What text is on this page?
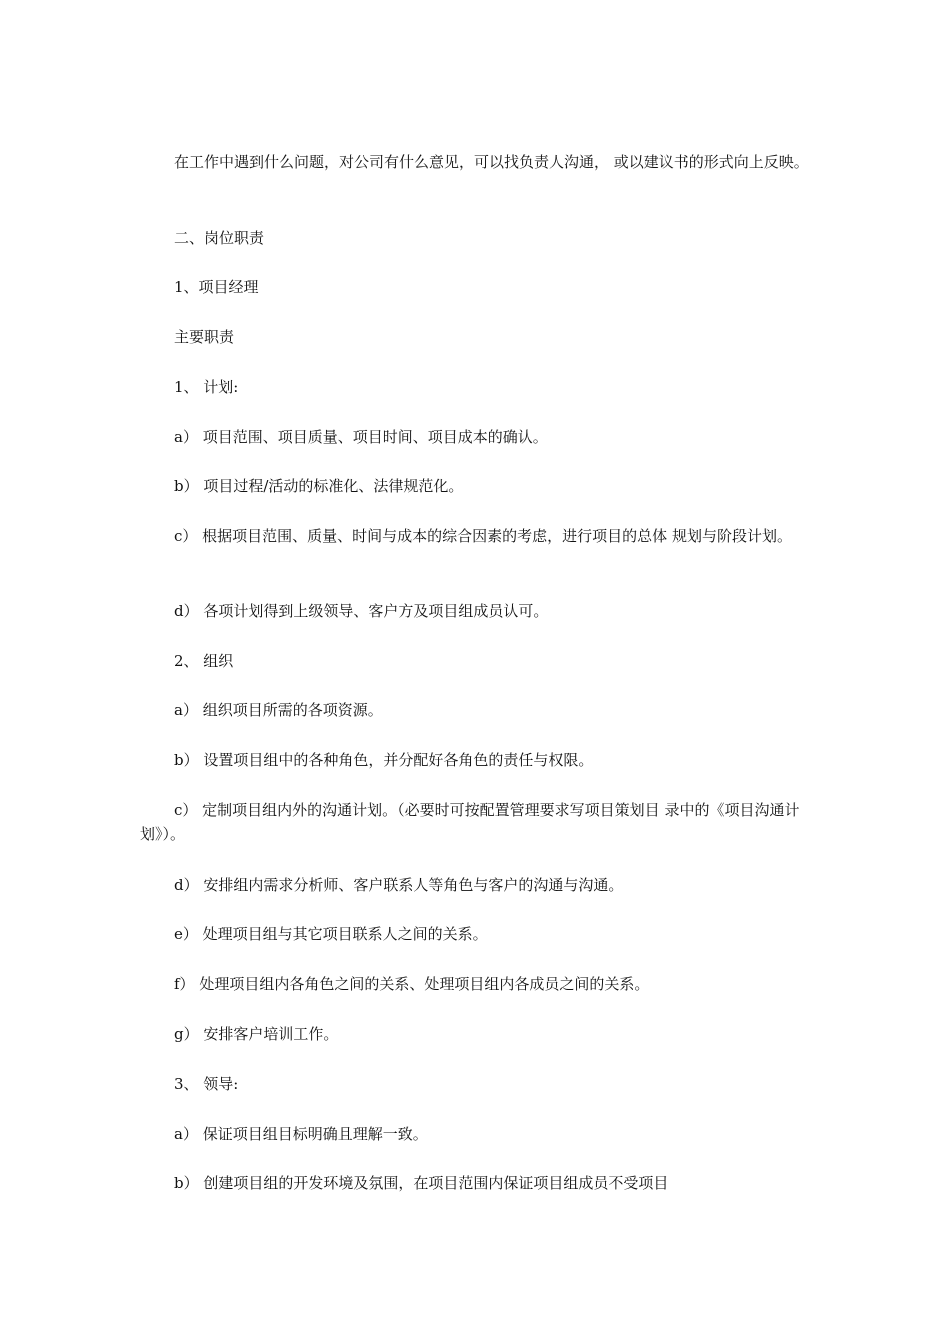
在工作中遇到什么问题，对公司有什么意见，可以找负责人沟通， 或以建议书的形式向上反映。

二、岗位职责

1、项目经理

主要职责

1、 计划:

a） 项目范围、项目质量、项目时间、项目成本的确认。

b） 项目过程/活动的标准化、法律规范化。

c） 根据项目范围、质量、时间与成本的综合因素的考虑，进行项目的总体 规划与阶段计划。

d） 各项计划得到上级领导、客户方及项目组成员认可。

2、 组织

a） 组织项目所需的各项资源。

b） 设置项目组中的各种角色，并分配好各角色的责任与权限。

c） 定制项目组内外的沟通计划。（必要时可按配置管理要求写项目策划目 录中的《项目沟通计划》）。

d） 安排组内需求分析师、客户联系人等角色与客户的沟通与沟通。

e） 处理项目组与其它项目联系人之间的关系。

f） 处理项目组内各角色之间的关系、处理项目组内各成员之间的关系。

g） 安排客户培训工作。

3、 领导:

a） 保证项目组目标明确且理解一致。

b） 创建项目组的开发环境及氛围，在项目范围内保证项目组成员不受项目
